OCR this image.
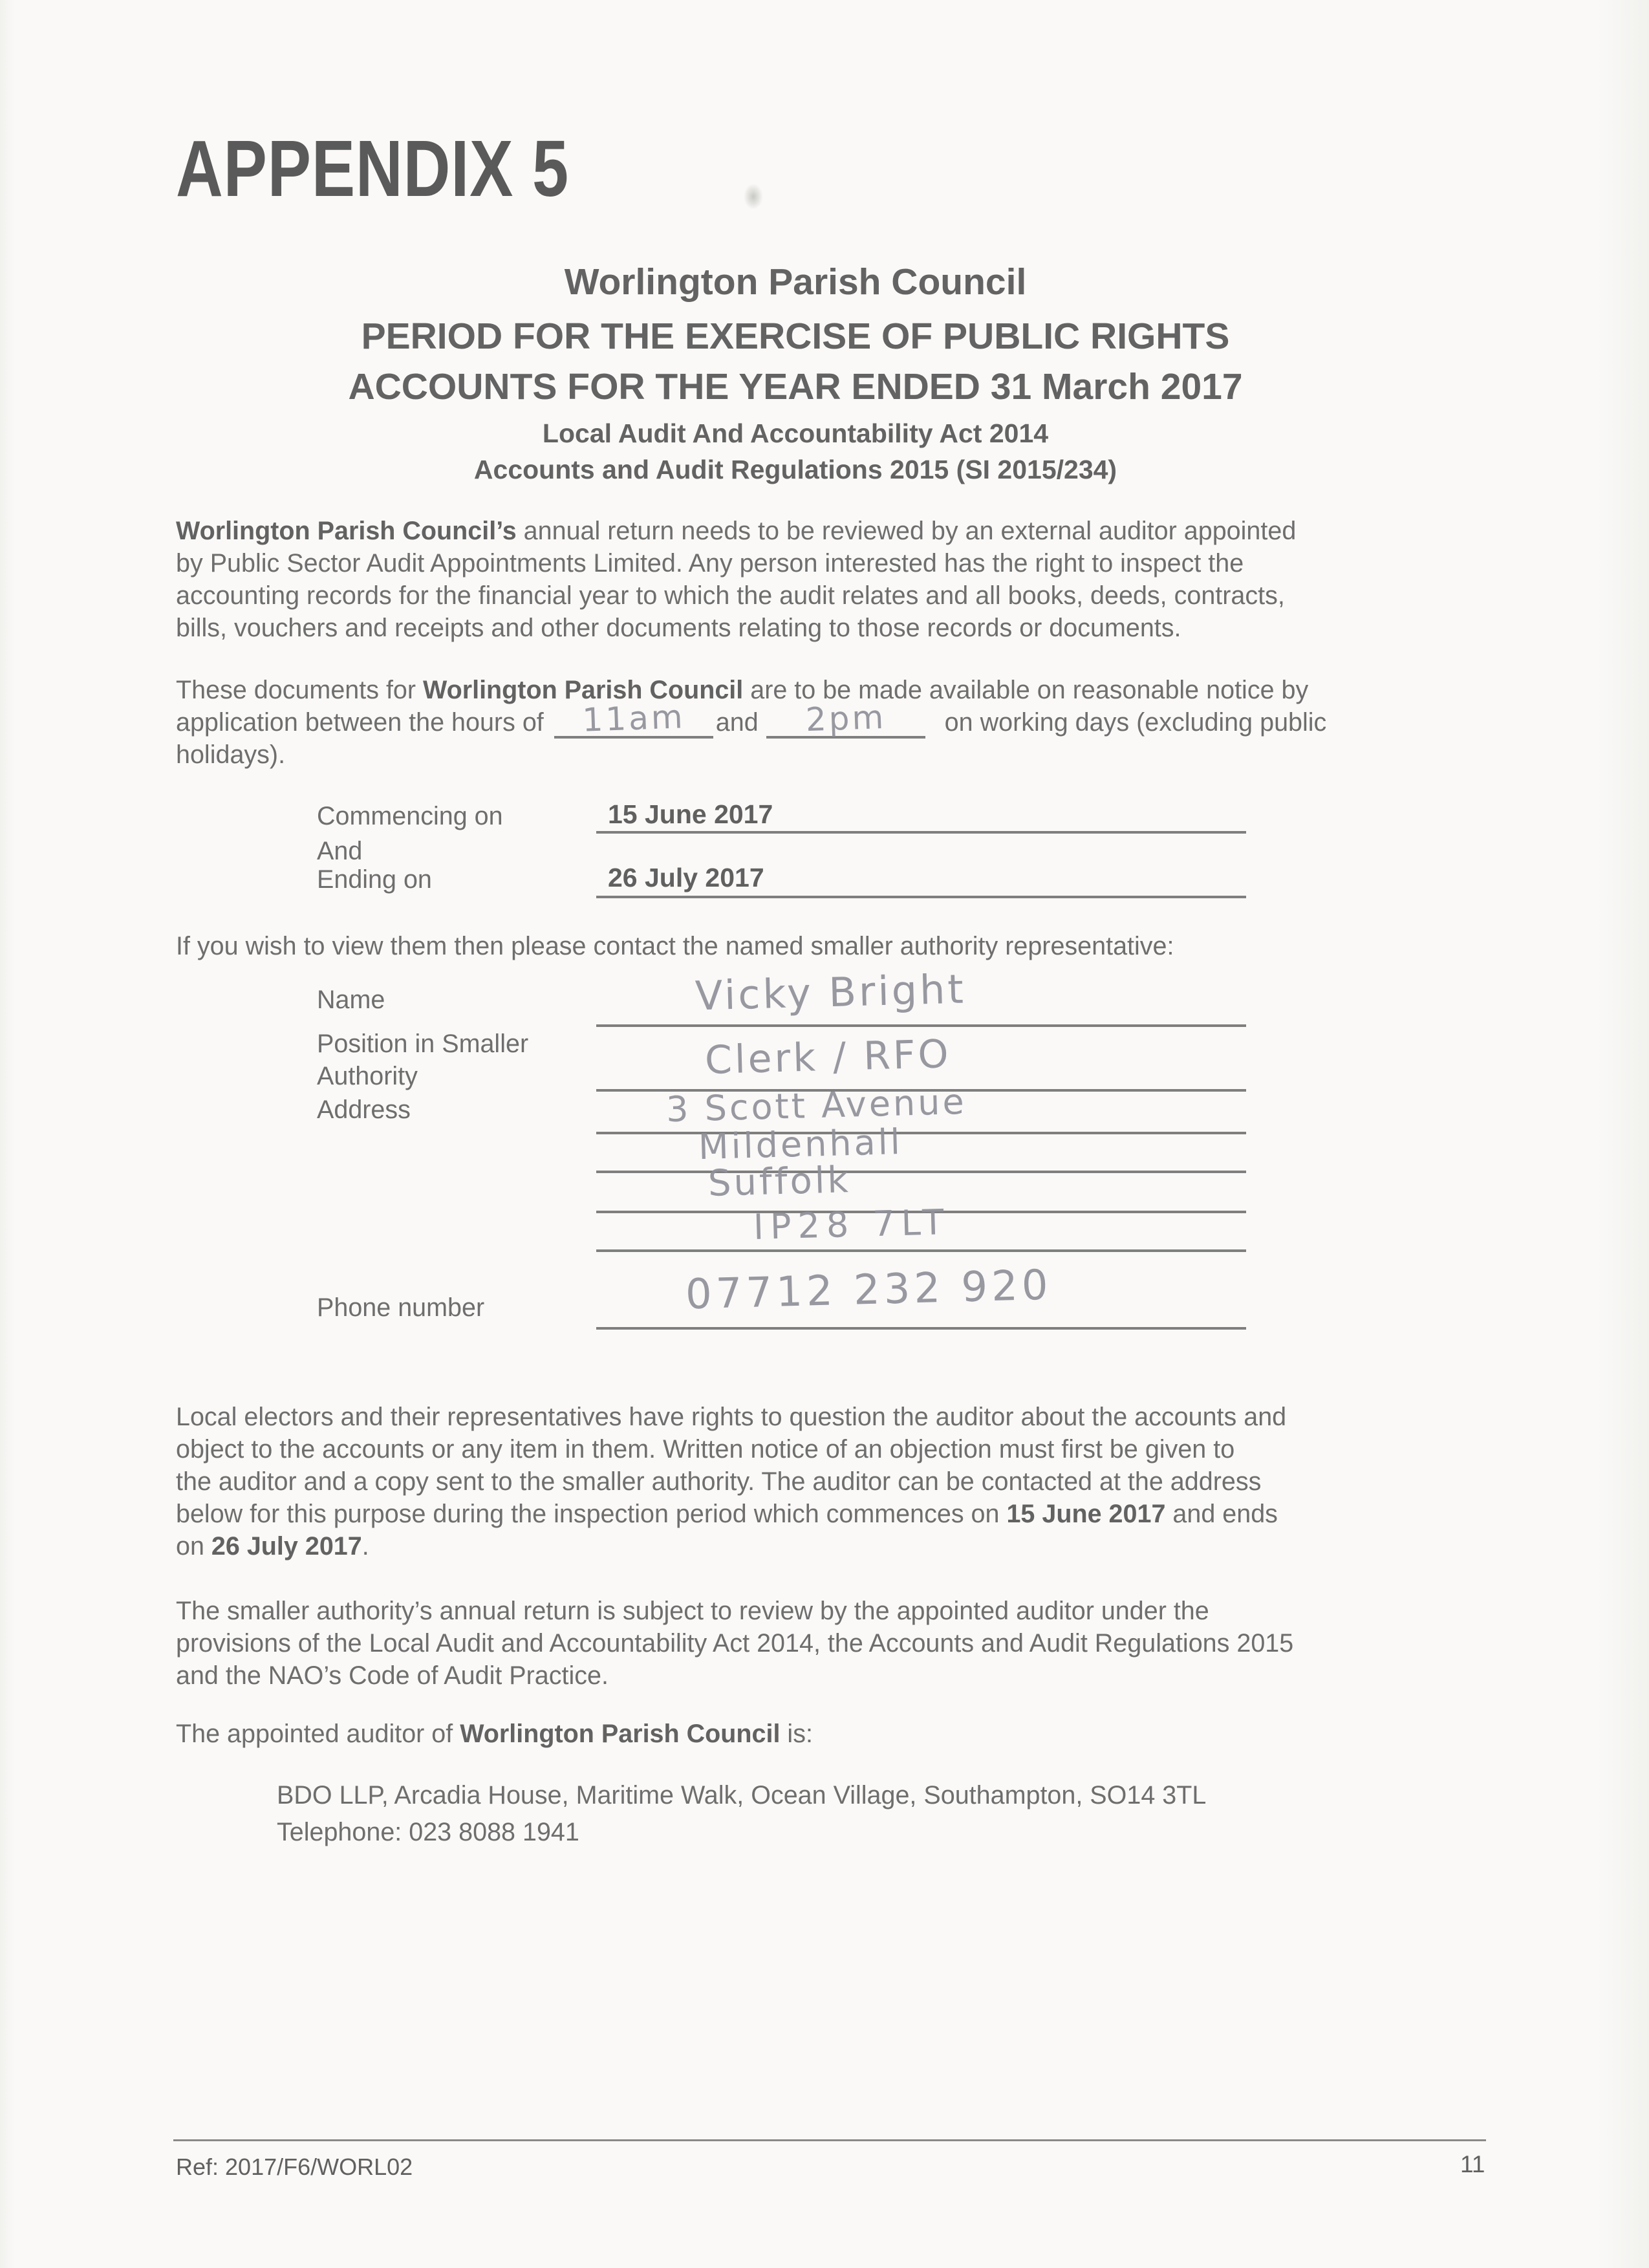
APPENDIX 5
Worlington Parish Council
PERIOD FOR THE EXERCISE OF PUBLIC RIGHTS
ACCOUNTS FOR THE YEAR ENDED 31 March 2017
Local Audit And Accountability Act 2014
Accounts and Audit Regulations 2015 (SI 2015/234)
Worlington Parish Council’s annual return needs to be reviewed by an external auditor appointed
by Public Sector Audit Appointments Limited. Any person interested has the right to inspect the
accounting records for the financial year to which the audit relates and all books, deeds, contracts,
bills, vouchers and receipts and other documents relating to those records or documents.
These documents for Worlington Parish Council are to be made available on reasonable notice by
application between the hours of 11am and 2pm on working days (excluding public
holidays).
Commencing on	15 June 2017
And
Ending on	26 July 2017
If you wish to view them then please contact the named smaller authority representative:
Name	Vicky Bright
Position in Smaller
Authority	Clerk / RFO
Address	3 Scott Avenue
Mildenhall
Suffolk
IP28 7LT
Phone number	07712 232 920
Local electors and their representatives have rights to question the auditor about the accounts and
object to the accounts or any item in them. Written notice of an objection must first be given to
the auditor and a copy sent to the smaller authority. The auditor can be contacted at the address
below for this purpose during the inspection period which commences on 15 June 2017 and ends
on 26 July 2017.
The smaller authority’s annual return is subject to review by the appointed auditor under the
provisions of the Local Audit and Accountability Act 2014, the Accounts and Audit Regulations 2015
and the NAO’s Code of Audit Practice.
The appointed auditor of Worlington Parish Council is:
BDO LLP, Arcadia House, Maritime Walk, Ocean Village, Southampton, SO14 3TL
Telephone: 023 8088 1941
Ref: 2017/F6/WORL02	11
